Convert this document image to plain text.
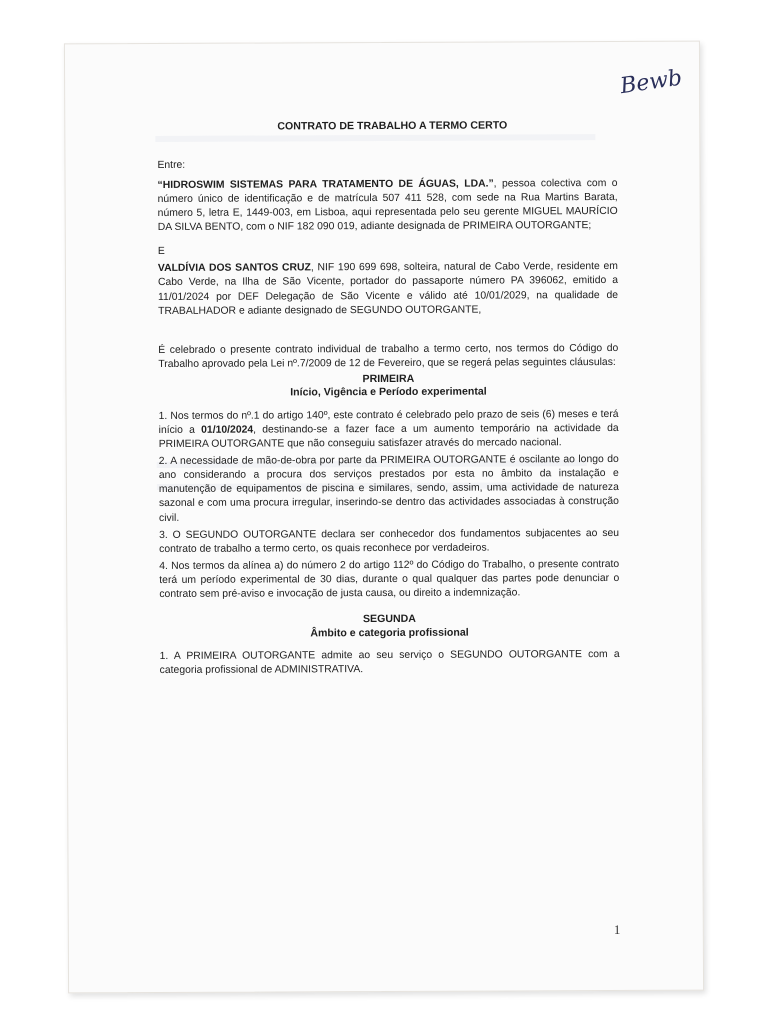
Bewb
CONTRATO DE TRABALHO A TERMO CERTO

Entre:

“HIDROSWIM SISTEMAS PARA TRATAMENTO DE ÁGUAS, LDA.”, pessoa colectiva com o número único de identificação e de matrícula 507 411 528, com sede na Rua Martins Barata, número 5, letra E, 1449-003, em Lisboa, aqui representada pelo seu gerente MIGUEL MAURÍCIO DA SILVA BENTO, com o NIF 182 090 019, adiante designada de PRIMEIRA OUTORGANTE;

E

VALDÍVIA DOS SANTOS CRUZ, NIF 190 699 698, solteira, natural de Cabo Verde, residente em Cabo Verde, na Ilha de São Vicente, portador do passaporte número PA 396062, emitido a 11/01/2024 por DEF Delegação de São Vicente e válido até 10/01/2029, na qualidade de TRABALHADOR e adiante designado de SEGUNDO OUTORGANTE,

É celebrado o presente contrato individual de trabalho a termo certo, nos termos do Código do Trabalho aprovado pela Lei nº.7/2009 de 12 de Fevereiro, que se regerá pelas seguintes cláusulas:

PRIMEIRA
Início, Vigência e Período experimental

1. Nos termos do nº.1 do artigo 140º, este contrato é celebrado pelo prazo de seis (6) meses e terá início a 01/10/2024, destinando-se a fazer face a um aumento temporário na actividade da PRIMEIRA OUTORGANTE que não conseguiu satisfazer através do mercado nacional.

2. A necessidade de mão-de-obra por parte da PRIMEIRA OUTORGANTE é oscilante ao longo do ano considerando a procura dos serviços prestados por esta no âmbito da instalação e manutenção de equipamentos de piscina e similares, sendo, assim, uma actividade de natureza sazonal e com uma procura irregular, inserindo-se dentro das actividades associadas à construção civil.

3. O SEGUNDO OUTORGANTE declara ser conhecedor dos fundamentos subjacentes ao seu contrato de trabalho a termo certo, os quais reconhece por verdadeiros.

4. Nos termos da alínea a) do número 2 do artigo 112º do Código do Trabalho, o presente contrato terá um período experimental de 30 dias, durante o qual qualquer das partes pode denunciar o contrato sem pré-aviso e invocação de justa causa, ou direito a indemnização.

SEGUNDA
Âmbito e categoria profissional

1. A PRIMEIRA OUTORGANTE admite ao seu serviço o SEGUNDO OUTORGANTE com a categoria profissional de ADMINISTRATIVA.

1
